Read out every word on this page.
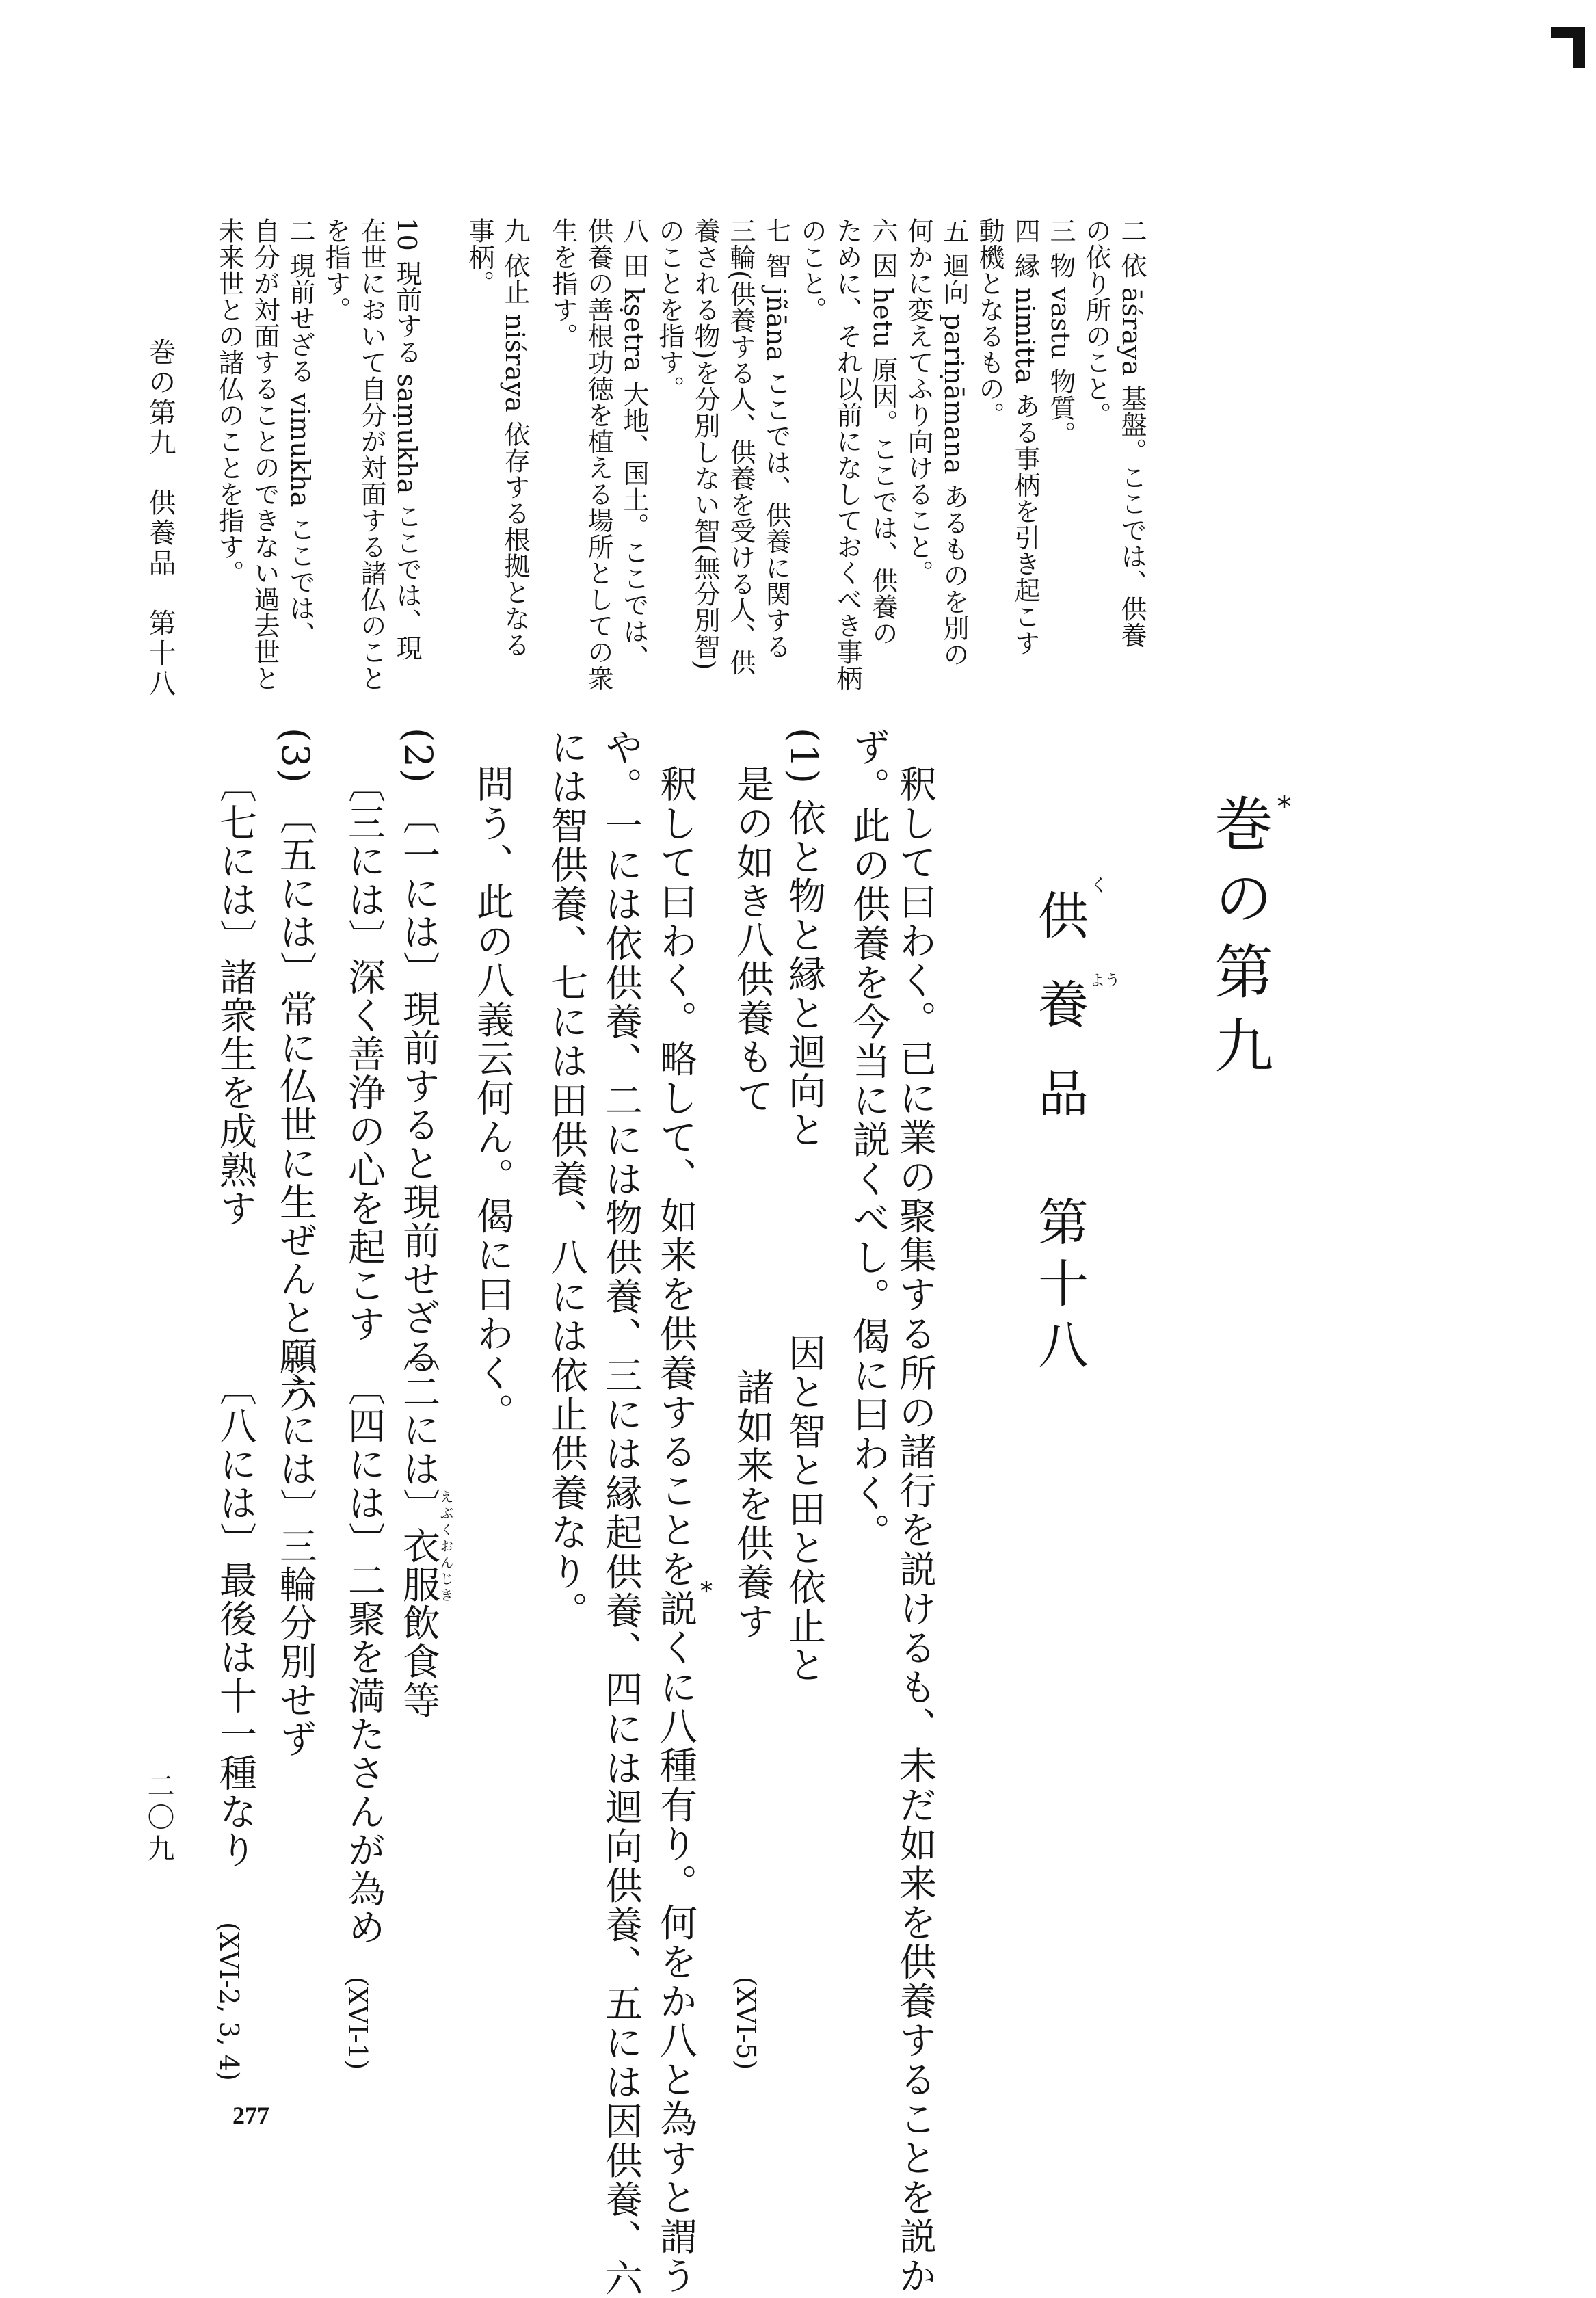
巻の第九
*
供養品
く
よう
第十八
釈して曰わく。已に業の聚集する所の諸行を説けるも、未だ如来を供養することを説か
ず。此の供養を今当に説くべし。偈に曰わく。
(1) 依と物と縁と迴向と
因と智と田と依止と
是の如き八供養もて
諸如来を供養す
(XVI-5)
釈して曰わく。略して、如来を供養することを説くに八種有り。何をか八と為すと謂う *
や。一には依供養、二には物供養、三には縁起供養、四には迴向供養、五には因供養、六
には智供養、七には田供養、八には依止供養なり。
問う、此の八義云何ん。偈に曰わく。
(2) 〔一には〕現前すると現前せざる
〔二には〕衣服飲食等
えぶくおんじき
〔三には〕深く善浄の心を起こす
〔四には〕二聚を満たさんが為め
(XVI-1)
(3) 〔五には〕常に仏世に生ぜんと願う
〔六には〕三輪分別せず
〔七には〕諸衆生を成熟す
〔八には〕最後は十一種なり
(XVI-2, 3, 4)
二 依 āśraya 基盤。ここでは、供養
の依り所のこと。
三 物 vastu 物質。
四 縁 nimitta ある事柄を引き起こす
動機となるもの。
五 迴向 pariṇāmana あるものを別の
何かに変えてふり向けること。
六 因 hetu 原因。ここでは、供養の
ために、それ以前になしておくべき事柄
のこと。
七 智 jñāna ここでは、供養に関する
三輪(供養する人、供養を受ける人、供
養される物)を分別しない智(無分別智)
のことを指す。
八 田 kṣetra 大地、国土。ここでは、
供養の善根功徳を植える場所としての衆
生を指す。
九 依止 niśraya 依存する根拠となる
事柄。
10 現前する saṃukha ここでは、現
在世において自分が対面する諸仏のこと
を指す。
二 現前せざる vimukha ここでは、
自分が対面することのできない過去世と
未来世との諸仏のことを指す。
巻の第九　供養品　第十八
二〇九
277
